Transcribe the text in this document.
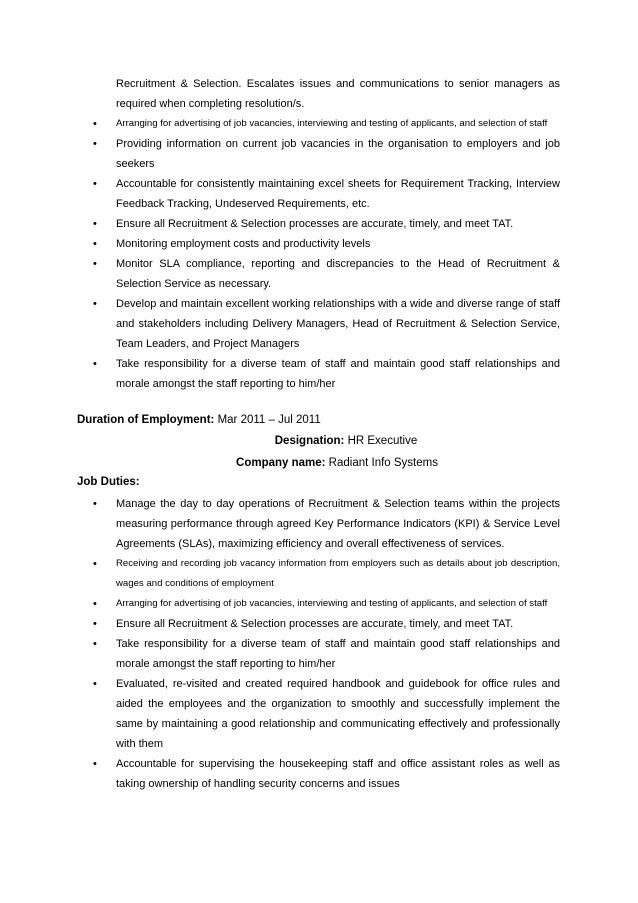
Recruitment & Selection. Escalates issues and communications to senior managers as required when completing resolution/s.

• Arranging for advertising of job vacancies, interviewing and testing of applicants, and selection of staff
• Providing information on current job vacancies in the organisation to employers and job seekers
• Accountable for consistently maintaining excel sheets for Requirement Tracking, Interview Feedback Tracking, Undeserved Requirements, etc.
• Ensure all Recruitment & Selection processes are accurate, timely, and meet TAT.
• Monitoring employment costs and productivity levels
• Monitor SLA compliance, reporting and discrepancies to the Head of Recruitment & Selection Service as necessary.
• Develop and maintain excellent working relationships with a wide and diverse range of staff and stakeholders including Delivery Managers, Head of Recruitment & Selection Service, Team Leaders, and Project Managers
• Take responsibility for a diverse team of staff and maintain good staff relationships and morale amongst the staff reporting to him/her

Duration of Employment: Mar 2011 – Jul 2011

Designation: HR Executive

Company name: Radiant Info Systems

Job Duties:

• Manage the day to day operations of Recruitment & Selection teams within the projects measuring performance through agreed Key Performance Indicators (KPI) & Service Level Agreements (SLAs), maximizing efficiency and overall effectiveness of services.
• Receiving and recording job vacancy information from employers such as details about job description, wages and conditions of employment
• Arranging for advertising of job vacancies, interviewing and testing of applicants, and selection of staff
• Ensure all Recruitment & Selection processes are accurate, timely, and meet TAT.
• Take responsibility for a diverse team of staff and maintain good staff relationships and morale amongst the staff reporting to him/her
• Evaluated, re-visited and created required handbook and guidebook for office rules and aided the employees and the organization to smoothly and successfully implement the same by maintaining a good relationship and communicating effectively and professionally with them
• Accountable for supervising the housekeeping staff and office assistant roles as well as taking ownership of handling security concerns and issues
